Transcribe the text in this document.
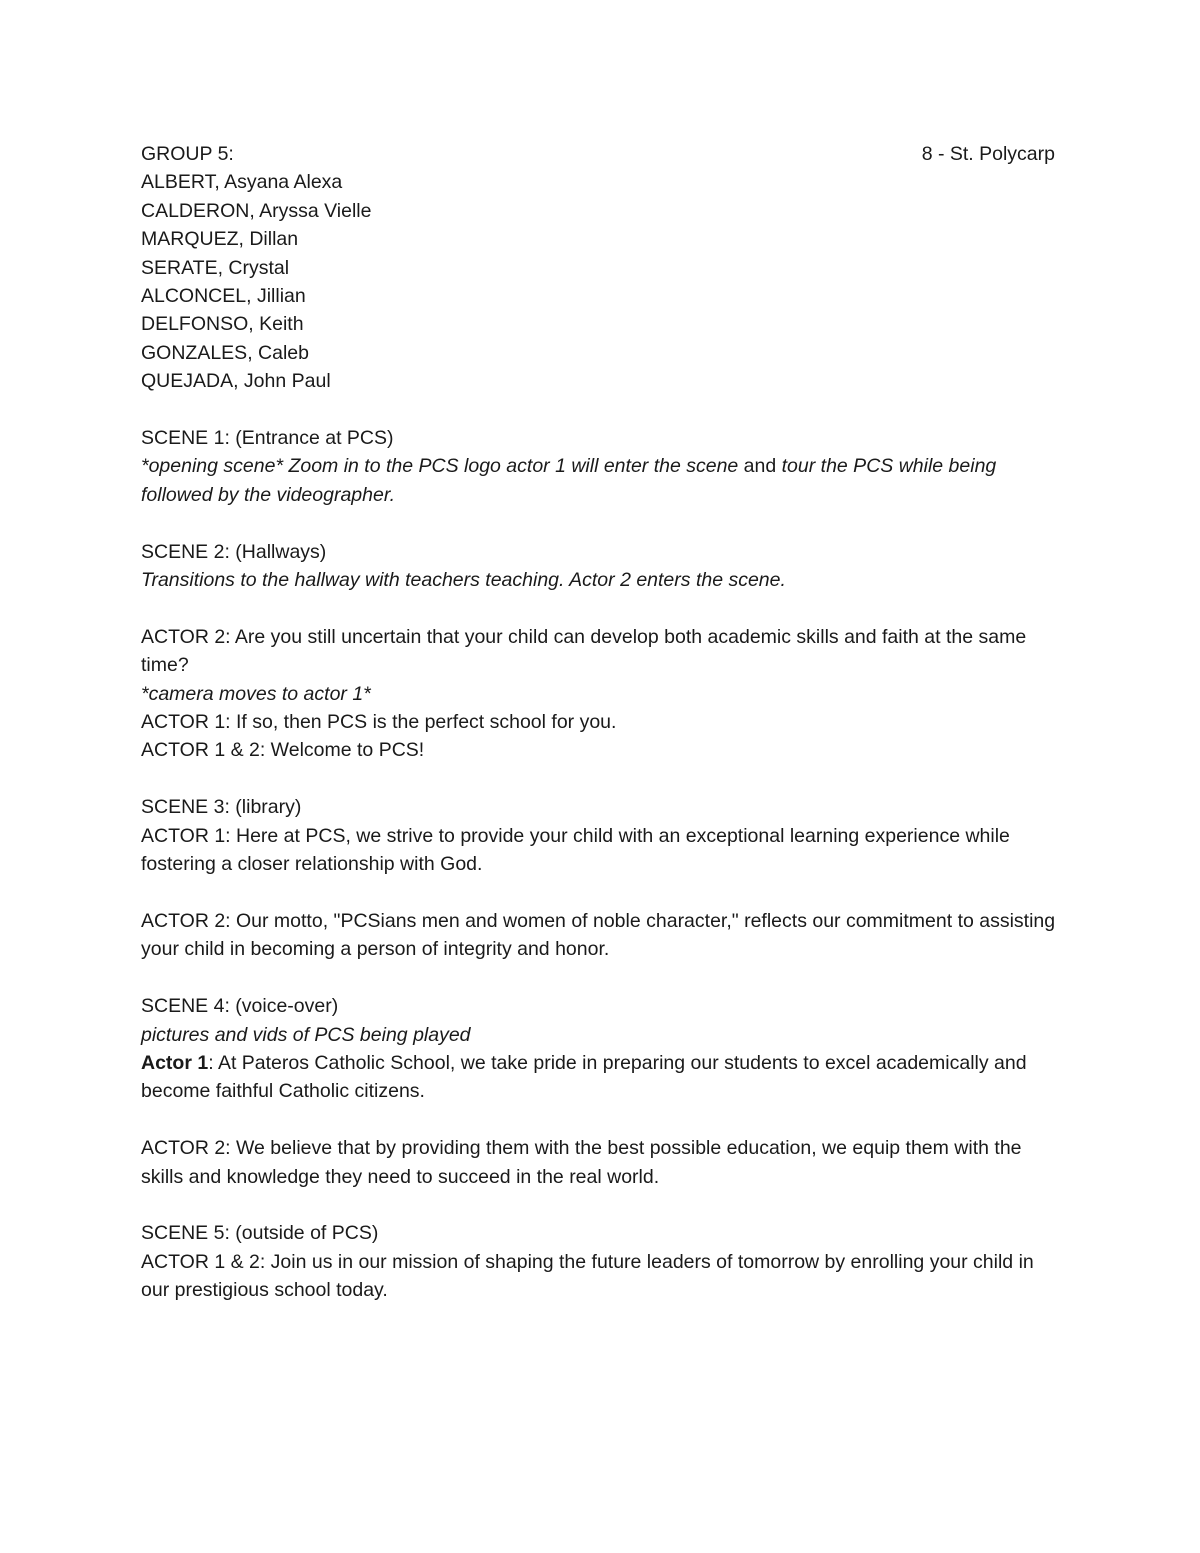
GROUP 5:	8 - St. Polycarp
ALBERT, Asyana Alexa
CALDERON, Aryssa Vielle
MARQUEZ, Dillan
SERATE, Crystal
ALCONCEL, Jillian
DELFONSO, Keith
GONZALES, Caleb
QUEJADA, John Paul
SCENE 1: (Entrance at PCS)
*opening scene* Zoom in to the PCS logo actor 1 will enter the scene and tour the PCS while being followed by the videographer.
SCENE 2: (Hallways)
Transitions to the hallway with teachers teaching. Actor 2 enters the scene.
ACTOR 2: Are you still uncertain that your child can develop both academic skills and faith at the same time?
*camera moves to actor 1*
ACTOR 1: If so, then PCS is the perfect school for you.
ACTOR 1 & 2: Welcome to PCS!
SCENE 3: (library)
ACTOR 1: Here at PCS, we strive to provide your child with an exceptional learning experience while fostering a closer relationship with God.
ACTOR 2: Our motto, "PCSians men and women of noble character," reflects our commitment to assisting your child in becoming a person of integrity and honor.
SCENE 4: (voice-over)
pictures and vids of PCS being played
Actor 1: At Pateros Catholic School, we take pride in preparing our students to excel academically and become faithful Catholic citizens.
ACTOR 2: We believe that by providing them with the best possible education, we equip them with the skills and knowledge they need to succeed in the real world.
SCENE 5: (outside of PCS)
ACTOR 1 & 2: Join us in our mission of shaping the future leaders of tomorrow by enrolling your child in our prestigious school today.
